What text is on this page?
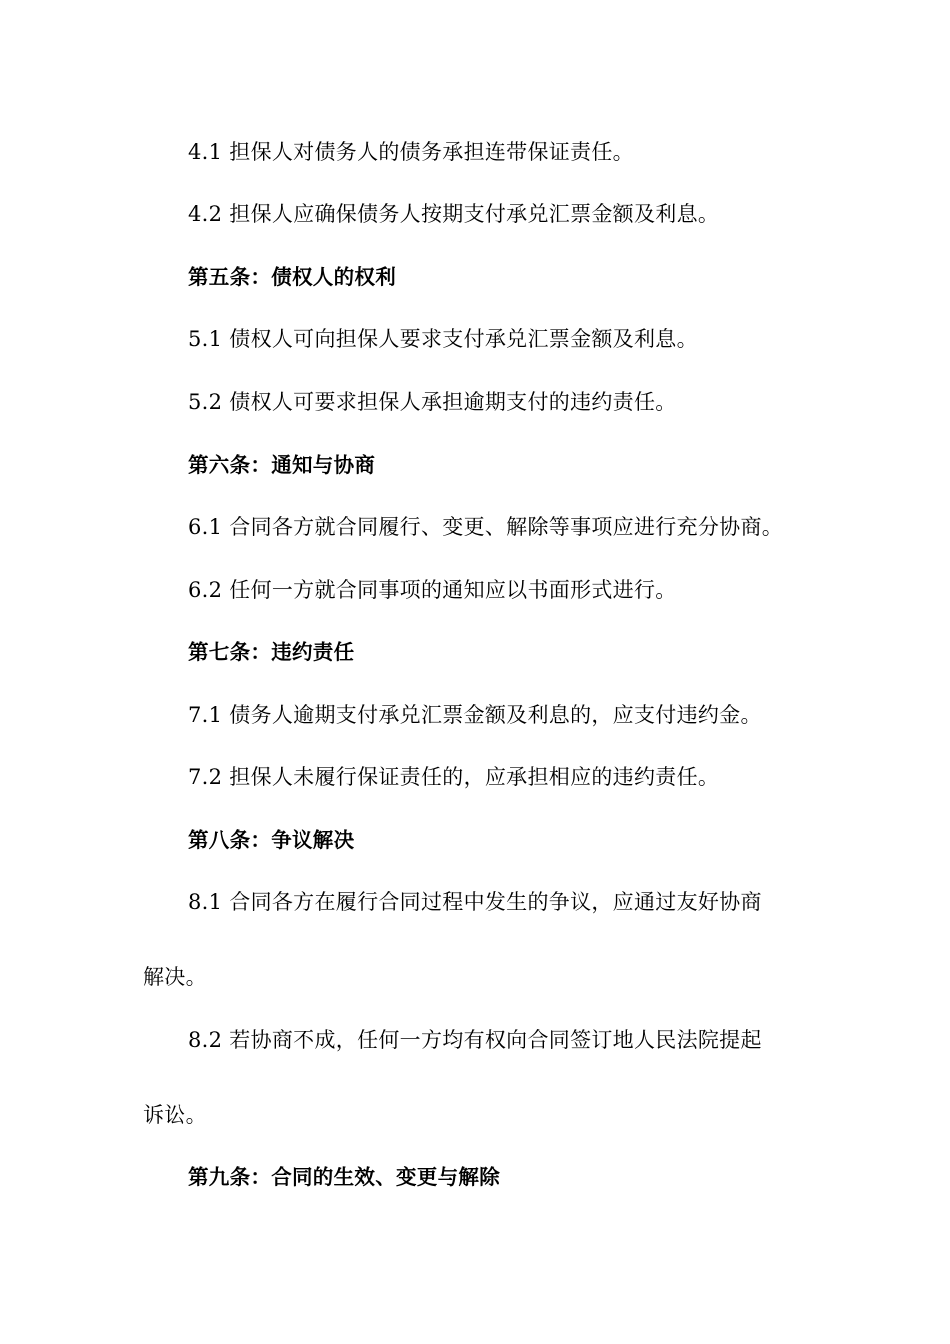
4.1 担保人对债务人的债务承担连带保证责任。
4.2 担保人应确保债务人按期支付承兑汇票金额及利息。
第五条：债权人的权利
5.1 债权人可向担保人要求支付承兑汇票金额及利息。
5.2 债权人可要求担保人承担逾期支付的违约责任。
第六条：通知与协商
6.1 合同各方就合同履行、变更、解除等事项应进行充分协商。
6.2 任何一方就合同事项的通知应以书面形式进行。
第七条：违约责任
7.1 债务人逾期支付承兑汇票金额及利息的，应支付违约金。
7.2 担保人未履行保证责任的，应承担相应的违约责任。
第八条：争议解决
8.1 合同各方在履行合同过程中发生的争议，应通过友好协商
解决。
8.2 若协商不成，任何一方均有权向合同签订地人民法院提起
诉讼。
第九条：合同的生效、变更与解除
